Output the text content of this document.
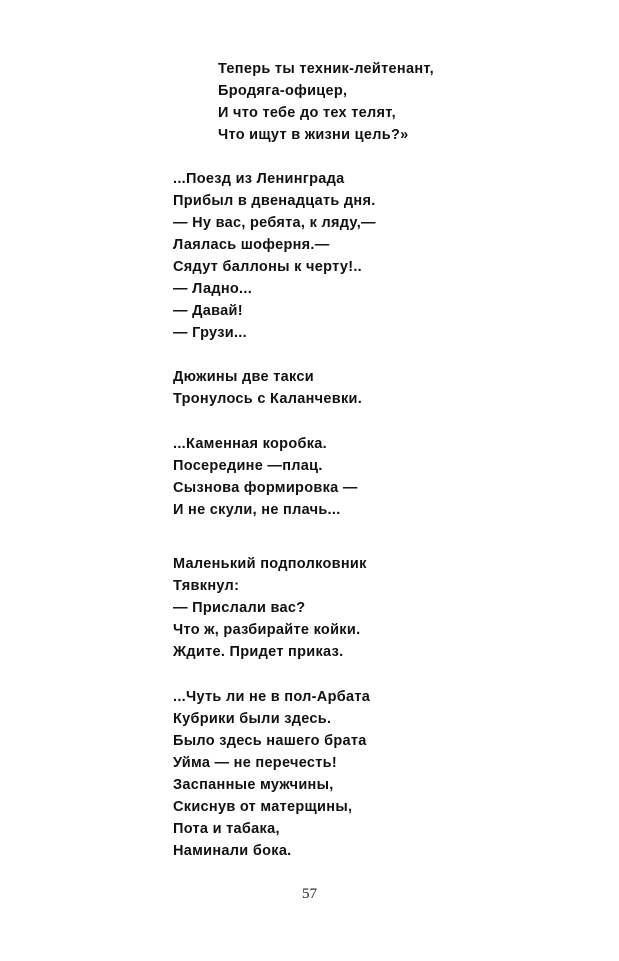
Теперь ты техник-лейтенант,
Бродяга-офицер,
И что тебе до тех телят,
Что ищут в жизни цель?»
...Поезд из Ленинграда
Прибыл в двенадцать дня.
— Ну вас, ребята, к ляду,—
Лаялась шоферня.—
Сядут баллоны к черту!..
— Ладно...
— Давай!
— Грузи...
Дюжины две такси
Тронулось с Каланчевки.
...Каменная коробка.
Посередине —плац.
Сызнова формировка —
И не скули, не плачь...
Маленький подполковник
Тявкнул:
— Прислали вас?
Что ж, разбирайте койки.
Ждите. Придет приказ.
...Чуть ли не в пол-Арбата
Кубрики были здесь.
Было здесь нашего брата
Уйма — не перечесть!
Заспанные мужчины,
Скиснув от матерщины,
Пота и табака,
Наминали бока.
57
